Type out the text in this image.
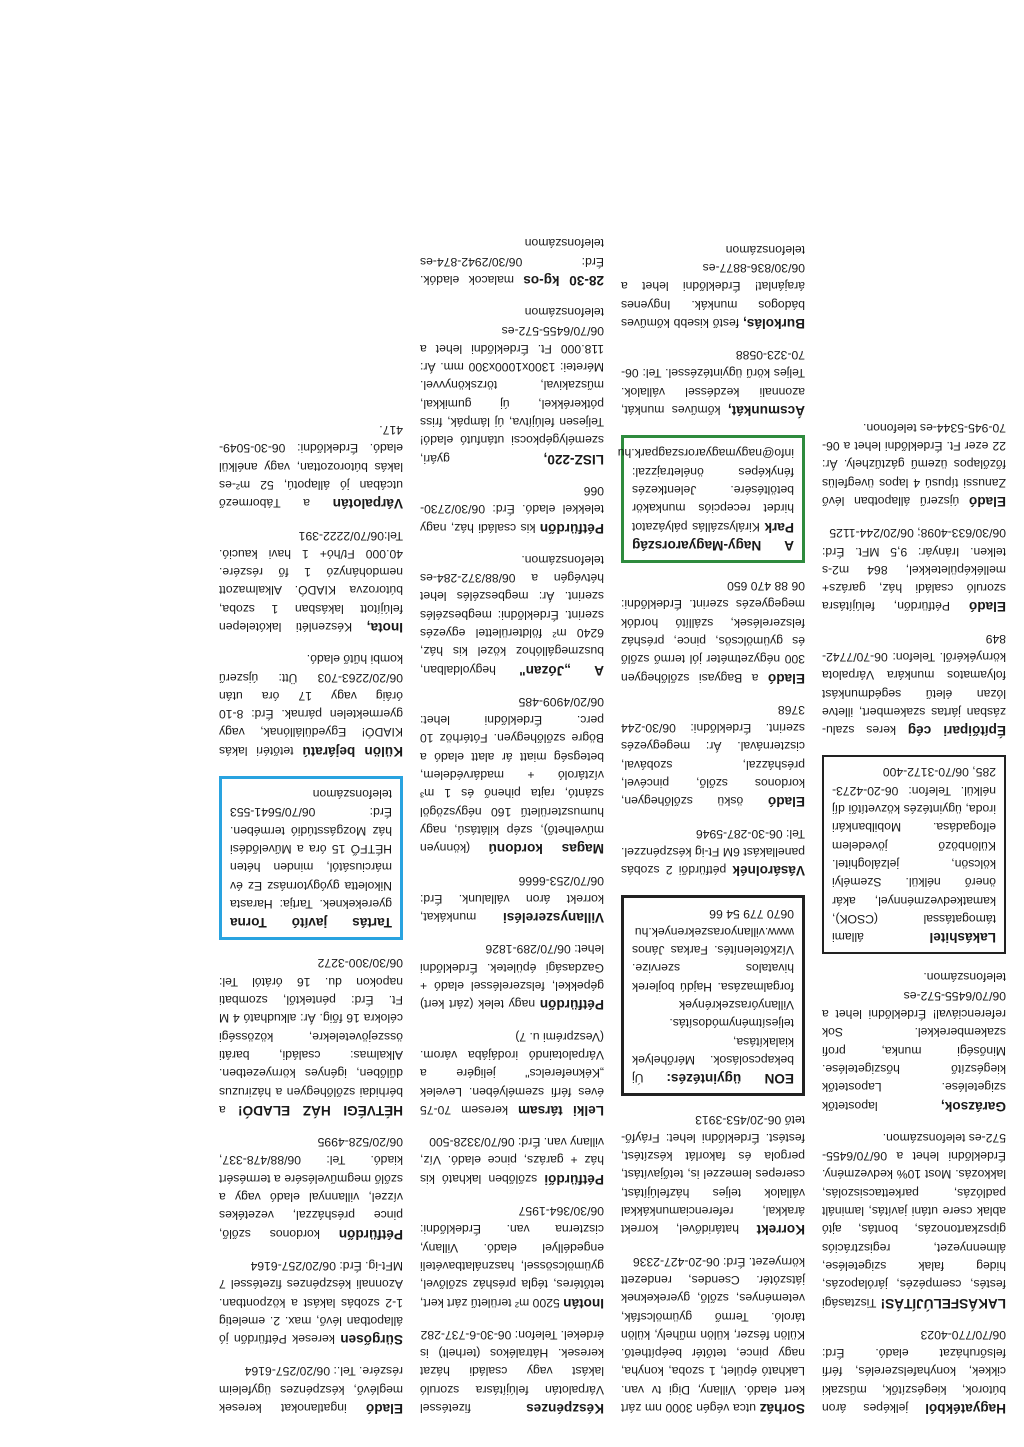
Hagyatékból jelképes áron bútorok, kiegészítők, műszaki cikkek, konyhafelszerelés, férfi felsőruházat eladó. Érd: 06/70/770-4023
LAKÁSFELÚJÍTÁS! Tisztasági festés, csempézés, járólapozás, hideg falak szigetelése, álmennyezet, regisztrációs gipszkartonozás, bontás, ajtó ablak csere utáni javítás, laminált padlózás, parkettacsiszolás, lakkozás. Most 10% kedvezmény. Érdeklődni lehet a 06/70/6455-572-es telefonszámon.
Garázsok, lapostetők szigetelése. Lapostetők kiegészítő hőszigetelése. Minőségi munka, profi szakemberekkel. Sok referenciával! Érdeklődni lehet a 06/70/6455-572-es telefonszámon.
Lakáshitel állami támogatással (CSOK), kamatkedvezménnyel, akár önerő nélkül. Személyi kölcsön, jelzáloghitel. Különböző jövedelem elfogadása. Mobilbankári iroda, ügyintézés közvetítői díj nélkül. Telefon: 06-20-4273-285, 06/70-3172-400
Építőipari cég keres szalu-zásban jártas szakembert, illetve lózan életű segédmunkást folyamatos munkára Várpalota környékéről. Telefon: 06-70/7742-849
Eladó Pétfürdőn, felújításra szoruló családi ház, garázs+ melléképületekkel, 864 m2-s telken. Irányár: 9,5 MFt. Érd: 06/30/633-4098; 06/20/244-1125
Eladó újszerű állapotban lévő Zanussi típusú 4 lapos üvegfelüs főzőlapos üzemű gáztűzhely. Ár: 22 ezer Ft. Érdeklődni lehet a 06-70-945-5344-es telefonon.
Sorház utca végén 3000 nm zárt kert eladó. Villany, Digi tv van. Lakható épület, 1 szoba, konyha, nagy pince, tetőtér beépíthető. Külön fészer, külön műhely, külön tároló. Termő gyümölcsfák, veteményes, szőlő, gyerekeknek játszótér. Csendes, rendezett környezet. Érd: 06-20-427-2336
Korrekt határidővel, korrekt árakkal, referenciamunkákkal vállalok teljes házfelújítást, cserepes lemezzel is, tetőjavítást, pergola és fakorlát készítést, festést. Érdeklődni lehet: Fráyfő-tető 06-20/453-3913
EON ügyintézés: Új bekapcsolások. Mérőhelyek kialakítása, teljesítménymódosítás. Villanyóraszekrények forgalmazása. Hajdú bojlerek hivatalos szervize. Vízkőtelenítés. Farkas János www.villanyoraszekrenyek.hu 0670 779 54 66
Vásárolnék pétfürdői 2 szobás panellakást 6M Ft-ig készpénzzel. Tel: 06-30-287-5946
Eladó öskü szőlőhegyen, kordonos szőlő, pincével, présházzal, szobával, ciszternával. Ár: megegyezés szerint. Érdeklődni: 06/30-244 3768
Eladó a Bagyasi szőlőhegyen 300 négyzetméter jól termő szőlő és gyümölcsös, pince, présház felszerelések, szállító hordók megegyezés szerint. Érdeklődni: 06 88 470 650
A Nagy-Magyarország Park Királyszállás pályázatot hirdet recepciós munkakör betöltésére. Jelentkezés fényképes önéletrajzzal: info@nagymagyarorszagpark.hu
Ácsmunkát, kőműves munkát, azonnali kezdéssel vállalok. Teljes körű ügyintézéssel. Tel: 06-70-323-0588
Burkolás, festő kisebb kőműves bádogos munkák. Ingyenes árajánlat! Érdeklődni lehet a 06/30/836-8877-es telefonszámon
Készpénzes fizetéssel Várpalotán felújításra szoruló lakást vagy családi házat keresek. Hátralékos (terhelt) is érdekel. Telefon: 06-30-6-737-282
Inotán 5200 m² területű zárt kert, tetőtéres, tégla présház szőlővel, gyümölcsössel, használatbavételi engedéllyel eladó. Villany, ciszterna van. Érdeklődni: 06/30/364-1957
Pétfürdői szőlőben lakható kis ház + garázs, pince eladó. Víz, villany van. Érd: 06/70/3328-500
Lelki társam keresem 70-75 éves férfi személyében. Levelek „Kékneferelcs" jeligére a Várpalotaindó irodájába várom. (Veszprémi u. 7)
Pétfürdőn nagy telek (zárt kert) gépekkel, felszereléssel eladó + Gazdasági épületek. Érdeklődni lehet: 06/70/289-1826
Villanyszerelési munkákat, korrekt áron vállalunk. Érd: 06/70/253-6666
Magas kordonú (könnyen művelhető), szép kilátású, nagy humuszterületű 160 négyszögöl szántó, rajta pihenő és 1 m³ víztároló + madárvédelem, betegség miatt ár alatt eladó a Bögre szőlőhegyen. Fótérhöz 10 perc. Érdeklődni lehet: 06/20/4909-485
A „Józan" hegyoldalban, buszmegállóhoz közel kis ház, 6240 m² földterülettel egyezés szerint. Érdeklődni: megbeszélés szerint. Ár: megbeszélés lehet hétvégén a 06/88/372-284-es telefonszámon.
Pétfürdőn kis családi ház, nagy telekkel eladó. Érd: 06/30/2730-066
LISZ-220, gyári, személygépkocsi utánfutó eladó! Teljesen felújítva, új lámpák, friss pótkerékkel, új gumikkal, műszakival, törzskönyvvel. Méretei: 1300x1000x300 mm. Ár: 118.000 Ft. Érdeklődni lehet a 06/70/6455-572-es telefonszámon
28-30 kg-os malacok eladók. Érd: 06/30/2942-874-es telefonszámon
Eladó ingatlanokat keresek meglévő, készpénzes ügyfeleim részére. Tel.: 06/20/257-6164
Sürgősen keresek Pétfürdőn jó állapotban lévő, max. 2. emeletig 1-2 szobás lakást a központban. Azonnali készpénzes fizetéssel 7 MFt-ig. Érd: 06/20/257-6164
Pétfürdőn kordonos szőlő, pince présházzal, vezetékes vízzel, villannyal eladó vagy a szőlő megművelésére a termésért kiadó. Tel: 06/88/478-337, 06/20/528-4995
HÉTVÉGI HÁZ ELADÓ! a bérhidai szőlőhegyen a háziruzus dűlőben, igényes környezetben. Alkalmas: családi, baráti összejövetelekre, közösségi célokra 16 főig. Ár: alkudható 4 M Ft. Érd: péntektől, szombati napokon du. 16 órától Tel: 06/30/300-3272
Tartás javító Torna gyerekeknek. Tartja: Harasta Nikoletta gyógytornász Ez év márciusától, minden héten HÉTFŐ 15 óra a Művelődési ház Mozgásstúdió termében. Érd: 06/70/5641-553 telefonszámon
Külön bejáratú tetőtéri lakás KIADÓ! Egyedülállónak, vagy gyermektelen párnak. Érd: 8-10 óráig vagy 17 óra után 06/20/2263-703 Ütt: újszerű kombi hűtő eladó.
Inota, Készenléti lakótelepen felújított lakásban 1 szoba, bútorozva KIADÓ. Alkalmazott nemdohányzó 1 fő részére. 40.000 Ft/hó+ 1 havi kaució. Tel:06/70/2222-391
Várpalotán a Tábormező utcában jó állapotú, 52 m²-es lakás bútorozottan, vagy anélkül eladó. Érdeklődni: 06-30-5049-417.
